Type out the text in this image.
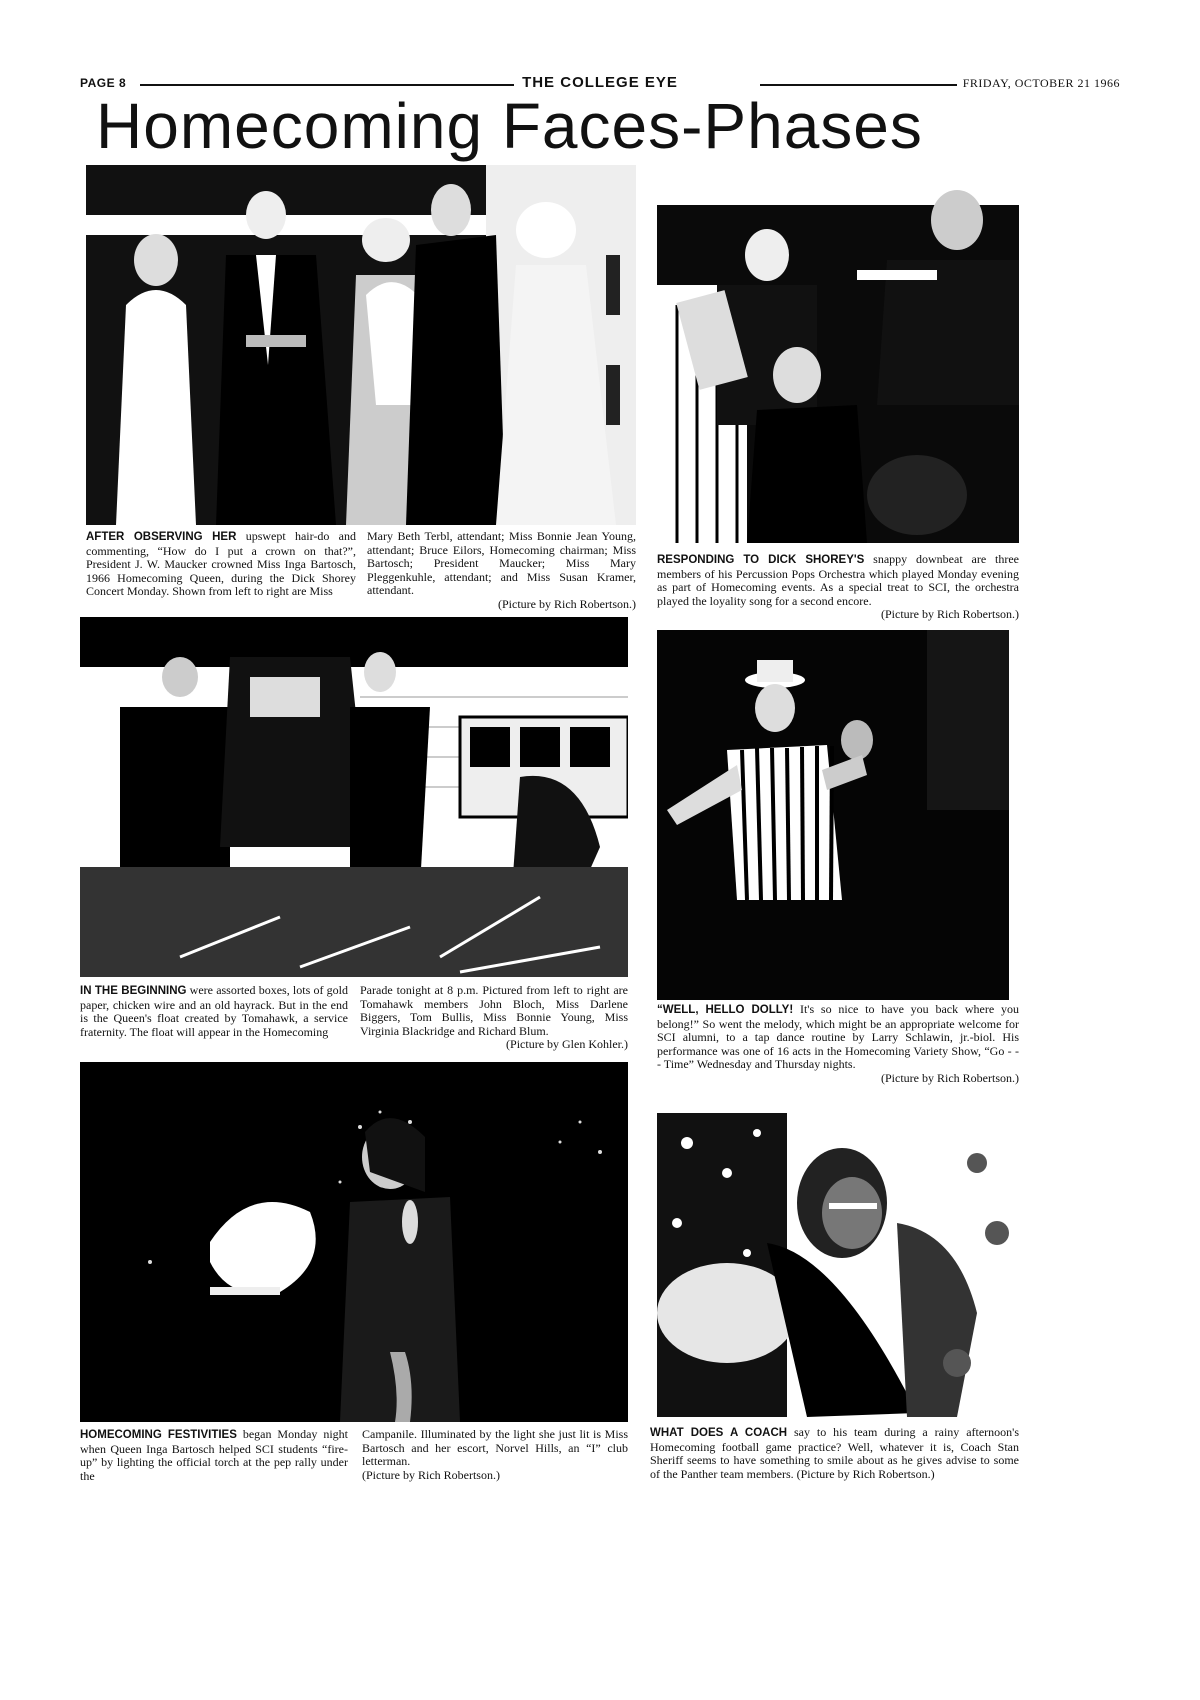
PAGE 8	THE COLLEGE EYE	FRIDAY, OCTOBER 21 1966
Homecoming Faces-Phases
AFTER OBSERVING HER upswept hair-do and commenting, “How do I put a crown on that?”, President J. W. Maucker crowned Miss Inga Bartosch, 1966 Homecoming Queen, during the Dick Shorey Concert Monday. Shown from left to right are Miss
Mary Beth Terbl, attendant; Miss Bonnie Jean Young, attendant; Bruce Eilors, Homecoming chairman; Miss Bartosch; President Maucker; Miss Mary Pleggenkuhle, attendant; and Miss Susan Kramer, attendant.
(Picture by Rich Robertson.)
RESPONDING TO DICK SHOREY'S snappy downbeat are three members of his Percussion Pops Orchestra which played Monday evening as part of Homecoming events. As a special treat to SCI, the orchestra played the loyality song for a second encore.
(Picture by Rich Robertson.)
IN THE BEGINNING were assorted boxes, lots of gold paper, chicken wire and an old hayrack. But in the end is the Queen's float created by Tomahawk, a service fraternity. The float will appear in the Homecoming
Parade tonight at 8 p.m. Pictured from left to right are Tomahawk members John Bloch, Miss Darlene Biggers, Tom Bullis, Miss Bonnie Young, Miss Virginia Blackridge and Richard Blum.
(Picture by Glen Kohler.)
“WELL, HELLO DOLLY! It's so nice to have you back where you belong!” So went the melody, which might be an appropriate welcome for SCI alumni, to a tap dance routine by Larry Schlawin, jr.-biol. His performance was one of 16 acts in the Homecoming Variety Show, “Go - - - Time” Wednesday and Thursday nights.
(Picture by Rich Robertson.)
HOMECOMING FESTIVITIES began Monday night when Queen Inga Bartosch helped SCI students “fire-up” by lighting the official torch at the pep rally under the
Campanile. Illuminated by the light she just lit is Miss Bartosch and her escort, Norvel Hills, an “I” club letterman.
(Picture by Rich Robertson.)
WHAT DOES A COACH say to his team during a rainy afternoon's Homecoming football game practice? Well, whatever it is, Coach Stan Sheriff seems to have something to smile about as he gives advise to some of the Panther team members. (Picture by Rich Robertson.)
